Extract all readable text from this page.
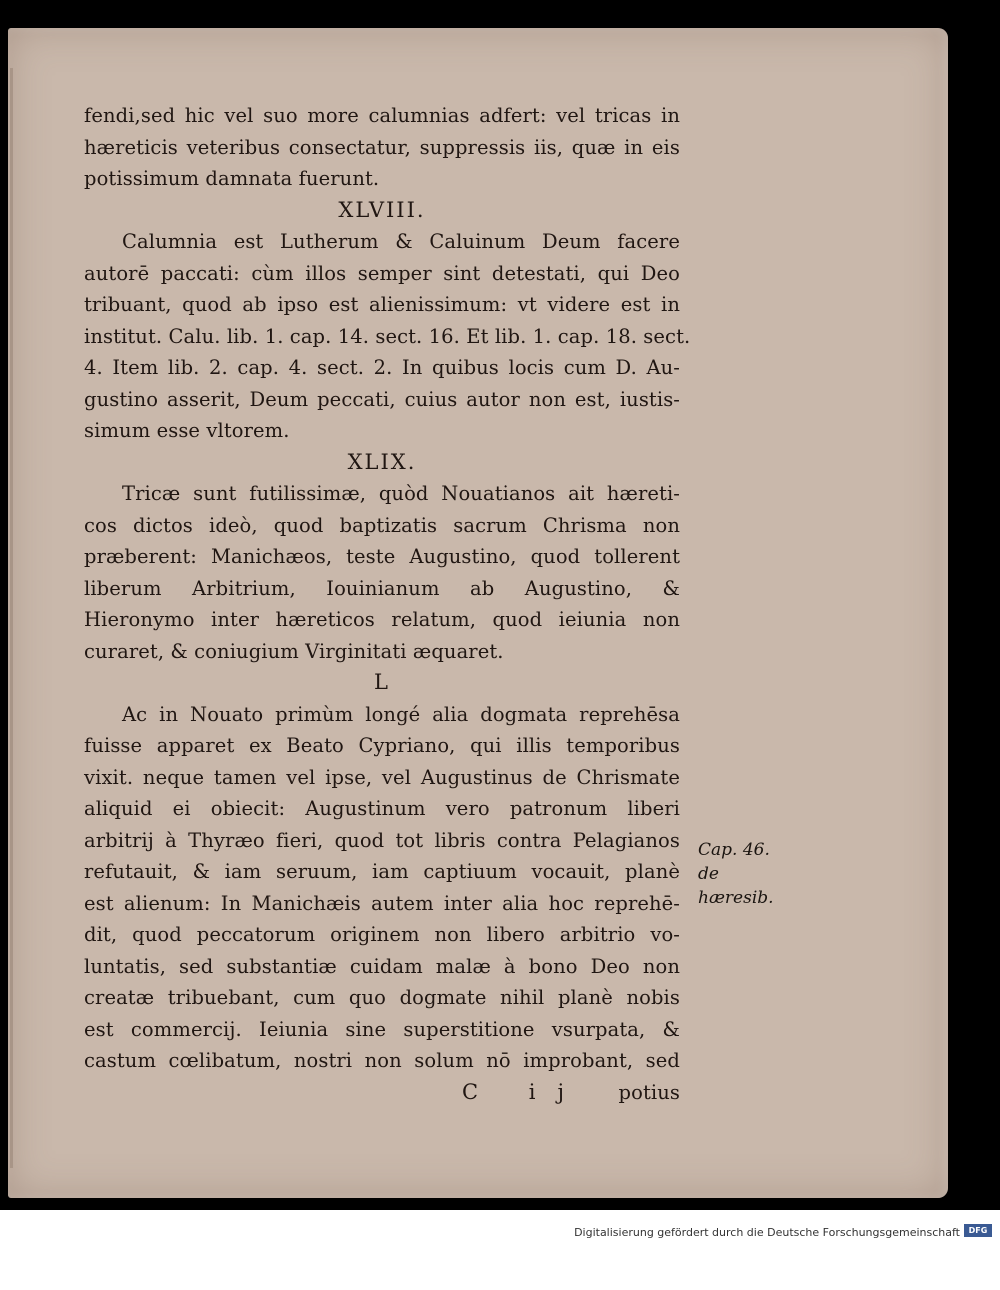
fendi,sed hic vel suo more calumnias adfert: vel tricas in
hæreticis veteribus consectatur, suppressis iis, quæ in eis
potissimum damnata fuerunt.
XLVIII.
Calumnia est Lutherum & Caluinum Deum facere
autorē paccati: cùm illos semper sint detestati, qui Deo
tribuant, quod ab ipso est alienissimum: vt videre est in
institut. Calu. lib. 1. cap. 14. sect. 16. Et lib. 1. cap. 18. sect.
4. Item lib. 2. cap. 4. sect. 2. In quibus locis cum D. Au-
gustino asserit, Deum peccati, cuius autor non est, iustis-
simum esse vltorem.
XLIX.
Tricæ sunt futilissimæ, quòd Nouatianos ait hæreti-
cos dictos ideò, quod baptizatis sacrum Chrisma non
præberent: Manichæos, teste Augustino, quod tollerent
liberum Arbitrium, Iouinianum ab Augustino, &
Hieronymo inter hæreticos relatum, quod ieiunia non
curaret, & coniugium Virginitati æquaret.
L
Ac in Nouato primùm longé alia dogmata reprehēsa
fuisse apparet ex Beato Cypriano, qui illis temporibus
vixit. neque tamen vel ipse, vel Augustinus de Chrismate
aliquid ei obiecit: Augustinum vero patronum liberi
arbitrij à Thyræo fieri, quod tot libris contra Pelagianos
refutauit, & iam seruum, iam captiuum vocauit, planè
est alienum: In Manichæis autem inter alia hoc reprehē-
dit, quod peccatorum originem non libero arbitrio vo-
luntatis, sed substantiæ cuidam malæ à bono Deo non
creatæ tribuebant, cum quo dogmate nihil planè nobis
est commercij. Ieiunia sine superstitione vsurpata, &
castum cœlibatum, nostri non solum nō improbant, sed
C ij potius
Cap. 46.
de hæresib.
Digitalisierung gefördert durch die Deutsche Forschungsgemeinschaft	DFG
